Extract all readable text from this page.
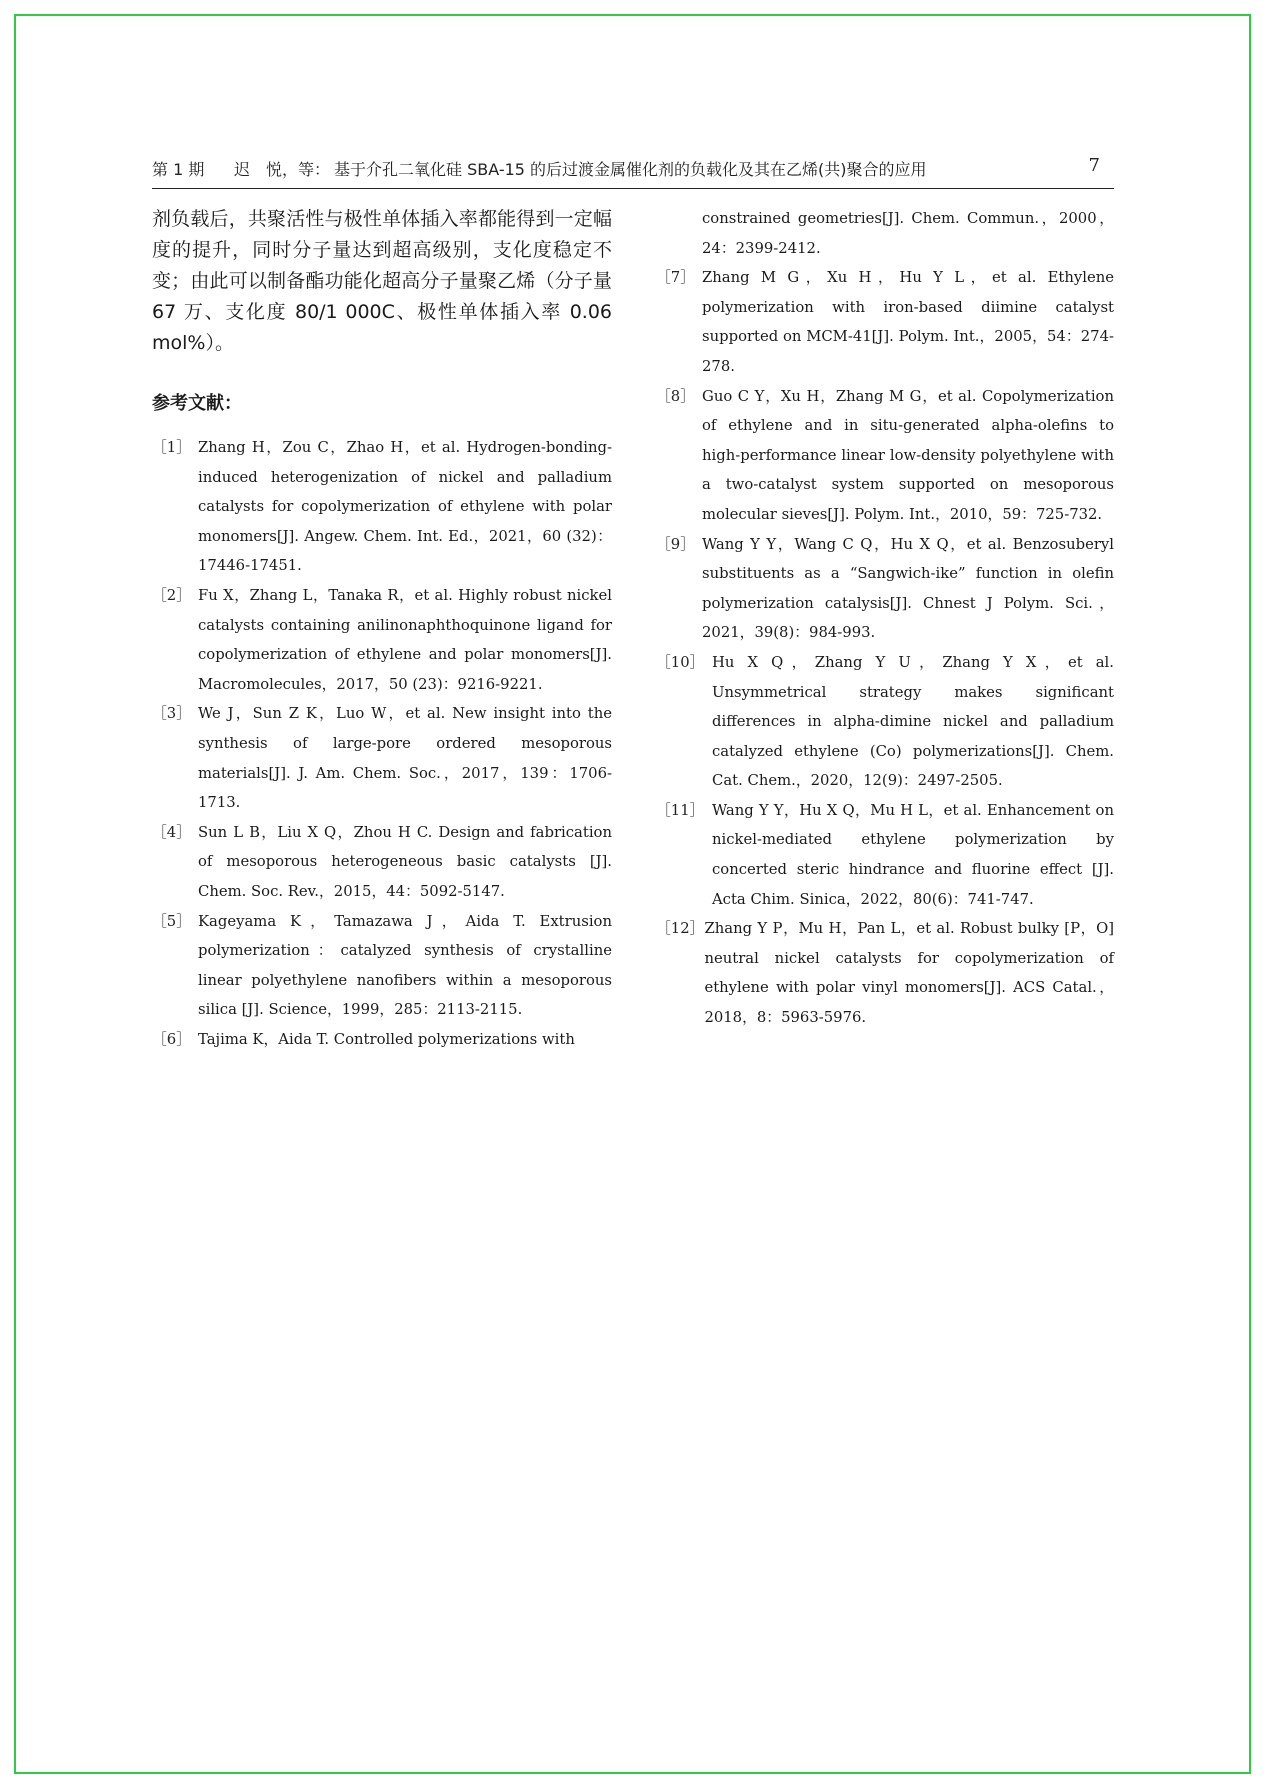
第 1 期 迟　悦，等： 基于介孔二氧化硅 SBA-15 的后过渡金属催化剂的负载化及其在乙烯(共)聚合的应用	7

剂负载后，共聚活性与极性单体插入率都能得到一定幅度的提升，同时分子量达到超高级别，支化度稳定不变；由此可以制备酯功能化超高分子量聚乙烯（分子量 67 万、支化度 80/1 000C、极性单体插入率 0.06 mol%）。

参考文献：
［1］ Zhang H，Zou C，Zhao H，et al. Hydrogen-bonding-induced heterogenization of nickel and palladium catalysts for copolymerization of ethylene with polar monomers[J]. Angew. Chem. Int. Ed.，2021，60 (32)：17446-17451.
［2］ Fu X，Zhang L，Tanaka R，et al. Highly robust nickel catalysts containing anilinonaphthoquinone ligand for copolymerization of ethylene and polar monomers[J]. Macromolecules，2017，50 (23)：9216-9221.
［3］ We J，Sun Z K，Luo W，et al. New insight into the synthesis of large-pore ordered mesoporous materials[J]. J. Am. Chem. Soc.，2017，139：1706-1713.
［4］ Sun L B，Liu X Q，Zhou H C. Design and fabrication of mesoporous heterogeneous basic catalysts [J]. Chem. Soc. Rev.，2015，44：5092-5147.
［5］ Kageyama K，Tamazawa J，Aida T. Extrusion polymerization：catalyzed synthesis of crystalline linear polyethylene nanofibers within a mesoporous silica [J]. Science，1999，285：2113-2115.
［6］ Tajima K，Aida T. Controlled polymerizations with
constrained geometries[J]. Chem. Commun.，2000，24：2399-2412.
［7］ Zhang M G，Xu H，Hu Y L，et al. Ethylene polymerization with iron-based diimine catalyst supported on MCM-41[J]. Polym. Int.，2005，54：274-278.
［8］ Guo C Y，Xu H，Zhang M G，et al. Copolymerization of ethylene and in situ-generated alpha-olefins to high-performance linear low-density polyethylene with a two-catalyst system supported on mesoporous molecular sieves[J]. Polym. Int.，2010，59：725-732.
［9］ Wang Y Y，Wang C Q，Hu X Q，et al. Benzosuberyl substituents as a “Sangwich-ike” function in olefin polymerization catalysis[J]. Chnest J Polym. Sci.，2021，39(8)：984-993.
［10］ Hu X Q，Zhang Y U，Zhang Y X，et al. Unsymmetrical strategy makes significant differences in alpha-dimine nickel and palladium catalyzed ethylene (Co) polymerizations[J]. Chem. Cat. Chem.，2020，12(9)：2497-2505.
［11］ Wang Y Y，Hu X Q，Mu H L，et al. Enhancement on nickel-mediated ethylene polymerization by concerted steric hindrance and fluorine effect [J]. Acta Chim. Sinica，2022，80(6)：741-747.
［12］ Zhang Y P，Mu H，Pan L，et al. Robust bulky [P，O] neutral nickel catalysts for copolymerization of ethylene with polar vinyl monomers[J]. ACS Catal.，2018，8：5963-5976.
